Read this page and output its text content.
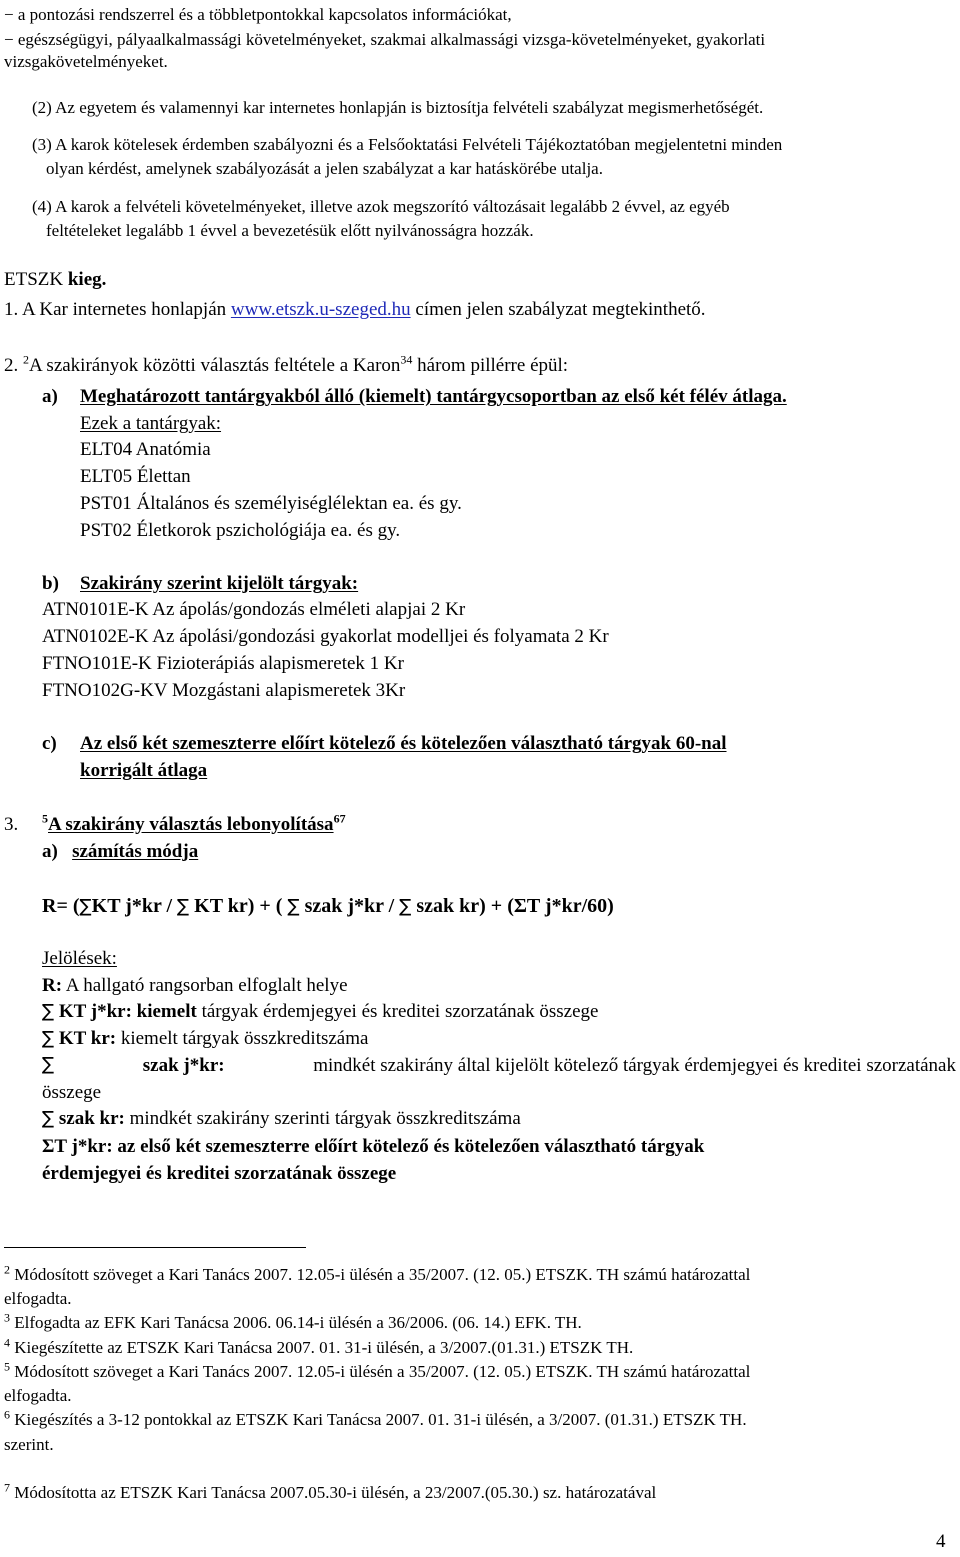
− a pontozási rendszerrel és a többletpontokkal kapcsolatos információkat,
− egészségügyi, pályaalkalmassági követelményeket, szakmai alkalmassági vizsga-követelményeket, gyakorlati
vizsgakövetelményeket.
(2) Az egyetem és valamennyi kar internetes honlapján is biztosítja felvételi szabályzat megismerhetőségét.
(3) A karok kötelesek érdemben szabályozni és a Felsőoktatási Felvételi Tájékoztatóban megjelentetni minden
olyan kérdést, amelynek szabályozását a jelen szabályzat a kar hatáskörébe utalja.
(4) A karok a felvételi követelményeket, illetve azok megszorító változásait legalább 2 évvel, az egyéb
feltételeket legalább 1 évvel a bevezetésük előtt nyilvánosságra hozzák.
ETSZK kieg.
1. A Kar internetes honlapján www.etszk.u-szeged.hu címen jelen szabályzat megtekinthető.
2. $^2$A szakirányok közötti választás feltétele a Karon$^{34}$ három pillérre épül:
a) Meghatározott tantárgyakból álló (kiemelt) tantárgycsoportban az első két félév átlaga.
Ezek a tantárgyak:
ELT04 Anatómia
ELT05 Élettan
PST01 Általános és személyiséglélektan ea. és gy.
PST02 Életkorok pszichológiája ea. és gy.
b) Szakirány szerint kijelölt tárgyak:
ATN0101E-K Az ápolás/gondozás elméleti alapjai 2 Kr
ATN0102E-K Az ápolási/gondozási gyakorlat modelljei és folyamata 2 Kr
FTNO101E-K Fizioterápiás alapismeretek 1 Kr
FTNO102G-KV Mozgástani alapismeretek 3Kr
c) Az első két szemeszterre előírt kötelező és kötelezően választható tárgyak 60-nal
korrigált átlaga
3. $^5$A szakirány választás lebonyolítása$^{67}$
a) számítás módja
R= (∑KT j*kr / ∑ KT kr) + ( ∑ szak j*kr / ∑ szak kr) + (ΣT j*kr/60)
Jelölések:
R: A hallgató rangsorban elfoglalt helye
∑ KT j*kr: kiemelt tárgyak érdemjegyei és kreditei szorzatának összege
∑ KT kr: kiemelt tárgyak összkreditszáma
∑	szak j*kr:	mindkét szakirány által kijelölt kötelező tárgyak érdemjegyei és kreditei szorzatának
összege
∑ szak kr: mindkét szakirány szerinti tárgyak összkreditszáma
ΣT j*kr: az első két szemeszterre előírt kötelező és kötelezően választható tárgyak
érdemjegyei és kreditei szorzatának összege
$^2$ Módosított szöveget a Kari Tanács 2007. 12.05-i ülésén a 35/2007. (12. 05.) ETSZK. TH számú határozattal
elfogadta.
$^3$ Elfogadta az EFK Kari Tanácsa 2006. 06.14-i ülésén a 36/2006. (06. 14.) EFK. TH.
$^4$ Kiegészítette az ETSZK Kari Tanácsa 2007. 01. 31-i ülésén, a 3/2007.(01.31.) ETSZK TH.
$^5$ Módosított szöveget a Kari Tanács 2007. 12.05-i ülésén a 35/2007. (12. 05.) ETSZK. TH számú határozattal
elfogadta.
$^6$ Kiegészítés a 3-12 pontokkal az ETSZK Kari Tanácsa 2007. 01. 31-i ülésén, a 3/2007. (01.31.) ETSZK TH.
szerint.
$^7$ Módosította az ETSZK Kari Tanácsa 2007.05.30-i ülésén, a 23/2007.(05.30.) sz. határozatával
4
